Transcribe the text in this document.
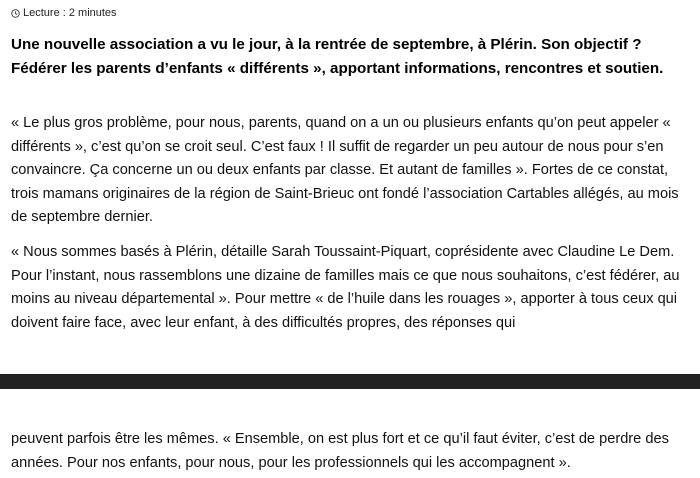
Lecture : 2 minutes

Une nouvelle association a vu le jour, à la rentrée de septembre, à Plérin. Son objectif ? Fédérer les parents d’enfants « différents », apportant informations, rencontres et soutien.

« Le plus gros problème, pour nous, parents, quand on a un ou plusieurs enfants qu’on peut appeler « différents », c’est qu’on se croit seul. C’est faux ! Il suffit de regarder un peu autour de nous pour s’en convaincre. Ça concerne un ou deux enfants par classe. Et autant de familles ». Fortes de ce constat, trois mamans originaires de la région de Saint-Brieuc ont fondé l’association Cartables allégés, au mois de septembre dernier.

« Nous sommes basés à Plérin, détaille Sarah Toussaint-Piquart, coprésidente avec Claudine Le Dem. Pour l’instant, nous rassemblons une dizaine de familles mais ce que nous souhaitons, c’est fédérer, au moins au niveau départemental ». Pour mettre « de l’huile dans les rouages », apporter à tous ceux qui doivent faire face, avec leur enfant, à des difficultés propres, des réponses qui

peuvent parfois être les mêmes. « Ensemble, on est plus fort et ce qu’il faut éviter, c’est de perdre des années. Pour nos enfants, pour nous, pour les professionnels qui les accompagnent ».
